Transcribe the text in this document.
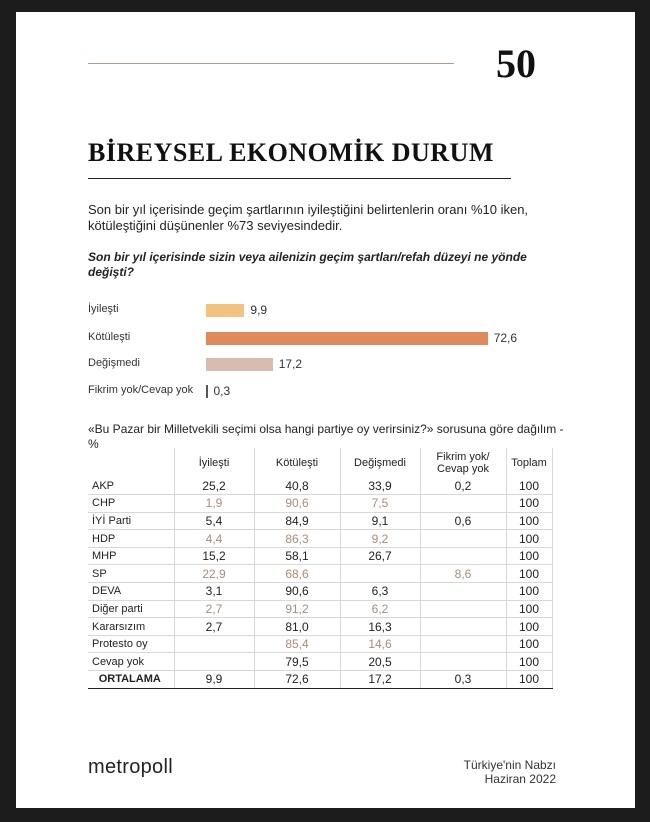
50
BİREYSEL EKONOMİK DURUM
Son bir yıl içerisinde geçim şartlarının iyileştiğini belirtenlerin oranı %10 iken, kötüleştiğini düşünenler %73 seviyesindedir.
Son bir yıl içerisinde sizin veya ailenizin geçim şartları/refah düzeyi ne yönde değişti?
İyileşti	9,9
Kötüleşti	72,6
Değişmedi	17,2
Fikrim yok/Cevap yok 0,3
«Bu Pazar bir Milletvekili seçimi olsa hangi partiye oy verirsiniz?» sorusuna göre dağılım - %
	İyileşti	Kötüleşti	Değişmedi	Fikrim yok/ Cevap yok	Toplam
AKP	25,2	40,8	33,9	0,2	100
CHP	1,9	90,6	7,5		100
İYİ Parti	5,4	84,9	9,1	0,6	100
HDP	4,4	86,3	9,2		100
MHP	15,2	58,1	26,7		100
SP	22,9	68,6		8,6	100
DEVA	3,1	90,6	6,3		100
Diğer parti	2,7	91,2	6,2		100
Kararsızım	2,7	81,0	16,3		100
Protesto oy		85,4	14,6		100
Cevap yok		79,5	20,5		100
ORTALAMA	9,9	72,6	17,2	0,3	100
metropoll	Türkiye'nin Nabzı
Haziran 2022
